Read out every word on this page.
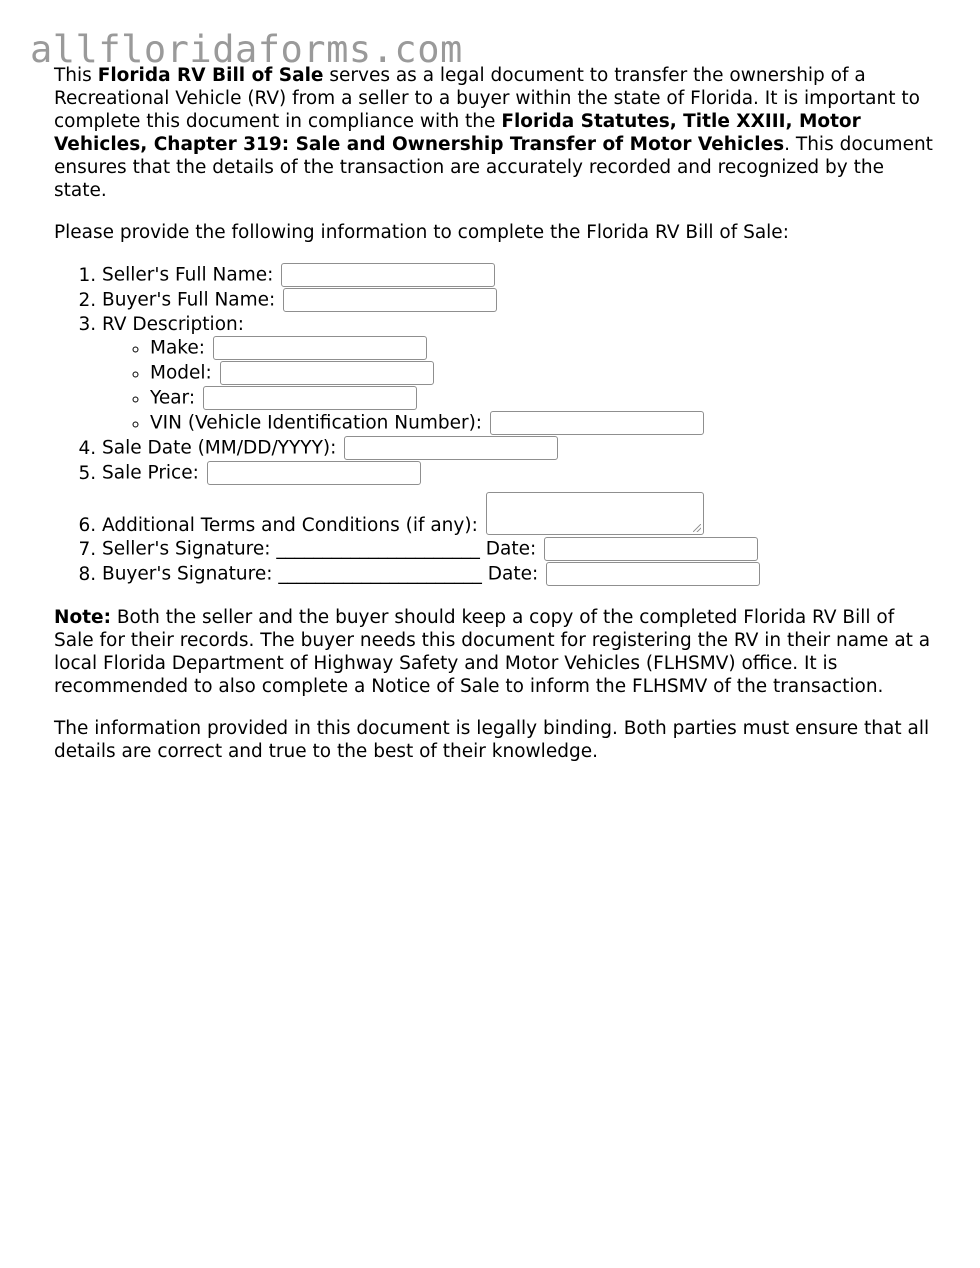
allfloridaforms.com

This Florida RV Bill of Sale serves as a legal document to transfer the ownership of a Recreational Vehicle (RV) from a seller to a buyer within the state of Florida. It is important to complete this document in compliance with the Florida Statutes, Title XXIII, Motor Vehicles, Chapter 319: Sale and Ownership Transfer of Motor Vehicles. This document ensures that the details of the transaction are accurately recorded and recognized by the state.

Please provide the following information to complete the Florida RV Bill of Sale:

1. Seller's Full Name:
2. Buyer's Full Name:
3. RV Description:
◦ Make:
◦ Model:
◦ Year:
◦ VIN (Vehicle Identification Number):
4. Sale Date (MM/DD/YYYY):
5. Sale Price:
6. Additional Terms and Conditions (if any):
7. Seller's Signature: ______________________ Date:
8. Buyer's Signature: ______________________ Date:

Note: Both the seller and the buyer should keep a copy of the completed Florida RV Bill of Sale for their records. The buyer needs this document for registering the RV in their name at a local Florida Department of Highway Safety and Motor Vehicles (FLHSMV) office. It is recommended to also complete a Notice of Sale to inform the FLHSMV of the transaction.

The information provided in this document is legally binding. Both parties must ensure that all details are correct and true to the best of their knowledge.
